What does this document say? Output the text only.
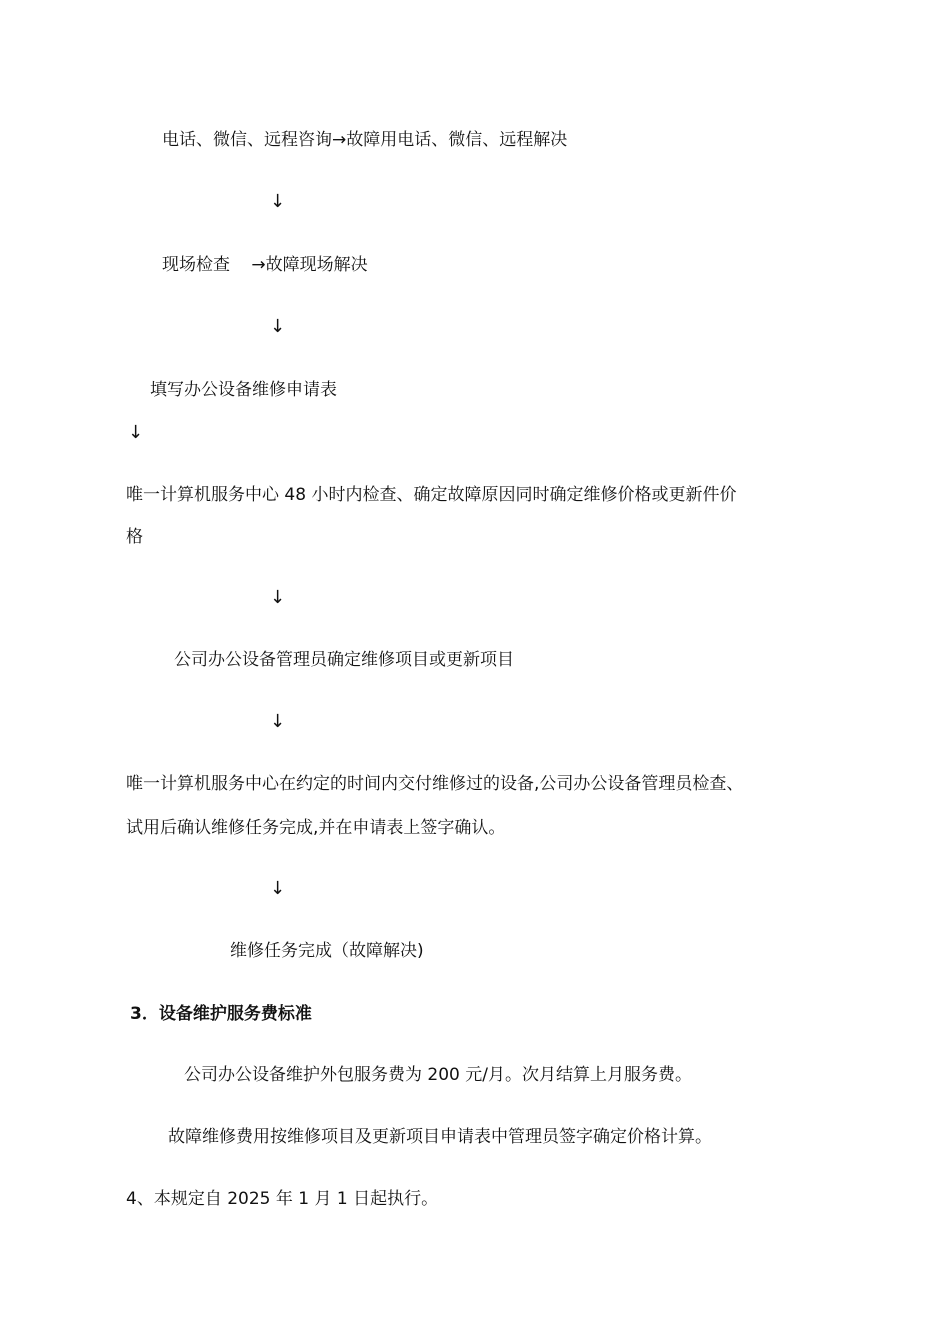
电话、微信、远程咨询→故障用电话、微信、远程解决
↓
现场检查 →故障现场解决
↓
填写办公设备维修申请表
↓
唯一计算机服务中心 48 小时内检查、确定故障原因同时确定维修价格或更新件价
格
↓
公司办公设备管理员确定维修项目或更新项目
↓
唯一计算机服务中心在约定的时间内交付维修过的设备,公司办公设备管理员检查、
试用后确认维修任务完成,并在申请表上签字确认。
↓
维修任务完成（故障解决)
3．设备维护服务费标准
公司办公设备维护外包服务费为 200 元/月。次月结算上月服务费。
故障维修费用按维修项目及更新项目申请表中管理员签字确定价格计算。
4、本规定自 2025 年 1 月 1 日起执行。
